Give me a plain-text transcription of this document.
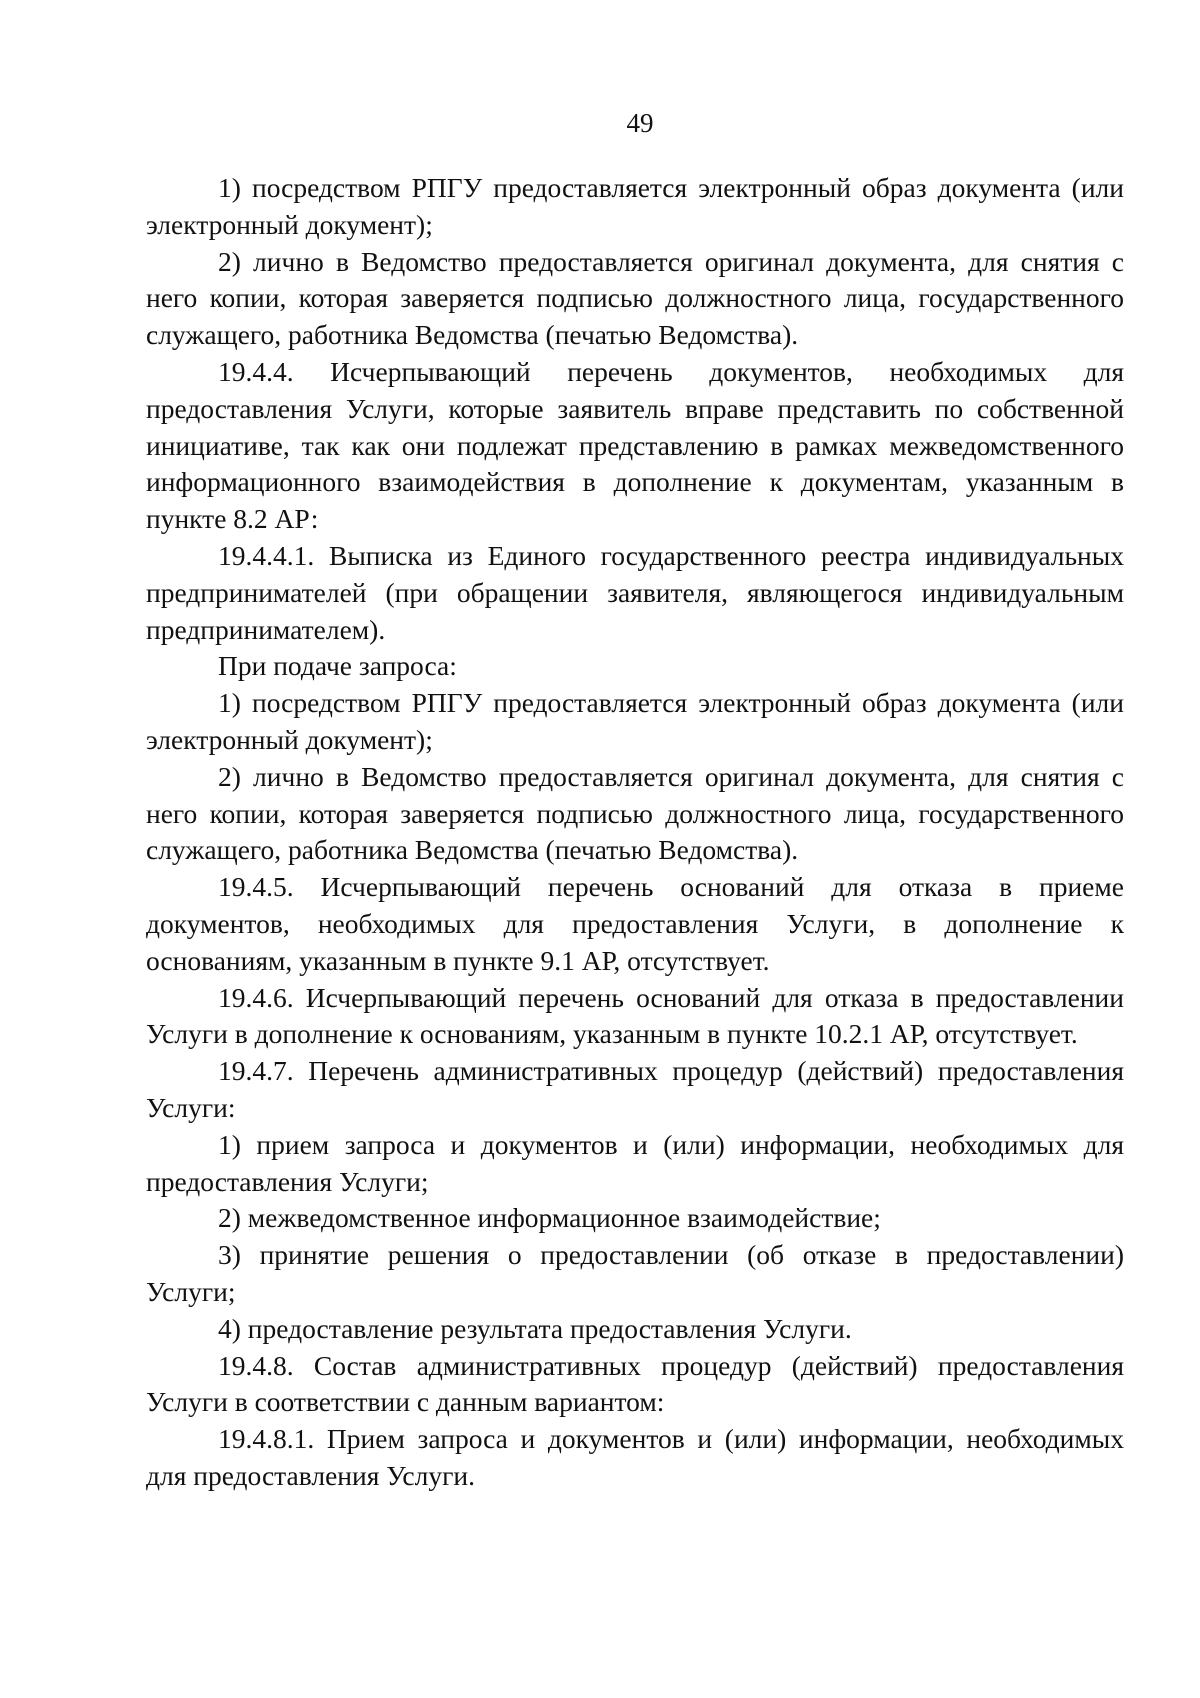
49

1) посредством РПГУ предоставляется электронный образ документа (или электронный документ);

2) лично в Ведомство предоставляется оригинал документа, для снятия с него копии, которая заверяется подписью должностного лица, государственного служащего, работника Ведомства (печатью Ведомства).

19.4.4. Исчерпывающий перечень документов, необходимых для предоставления Услуги, которые заявитель вправе представить по собственной инициативе, так как они подлежат представлению в рамках межведомственного информационного взаимодействия в дополнение к документам, указанным в пункте 8.2 АР:

19.4.4.1. Выписка из Единого государственного реестра индивидуальных предпринимателей (при обращении заявителя, являющегося индивидуальным предпринимателем).

При подаче запроса:

1) посредством РПГУ предоставляется электронный образ документа (или электронный документ);

2) лично в Ведомство предоставляется оригинал документа, для снятия с него копии, которая заверяется подписью должностного лица, государственного служащего, работника Ведомства (печатью Ведомства).

19.4.5. Исчерпывающий перечень оснований для отказа в приеме документов, необходимых для предоставления Услуги, в дополнение к основаниям, указанным в пункте 9.1 АР, отсутствует.

19.4.6. Исчерпывающий перечень оснований для отказа в предоставлении Услуги в дополнение к основаниям, указанным в пункте 10.2.1 АР, отсутствует.

19.4.7. Перечень административных процедур (действий) предоставления Услуги:

1) прием запроса и документов и (или) информации, необходимых для предоставления Услуги;

2) межведомственное информационное взаимодействие;

3) принятие решения о предоставлении (об отказе в предоставлении) Услуги;

4) предоставление результата предоставления Услуги.

19.4.8. Состав административных процедур (действий) предоставления Услуги в соответствии с данным вариантом:

19.4.8.1. Прием запроса и документов и (или) информации, необходимых для предоставления Услуги.
